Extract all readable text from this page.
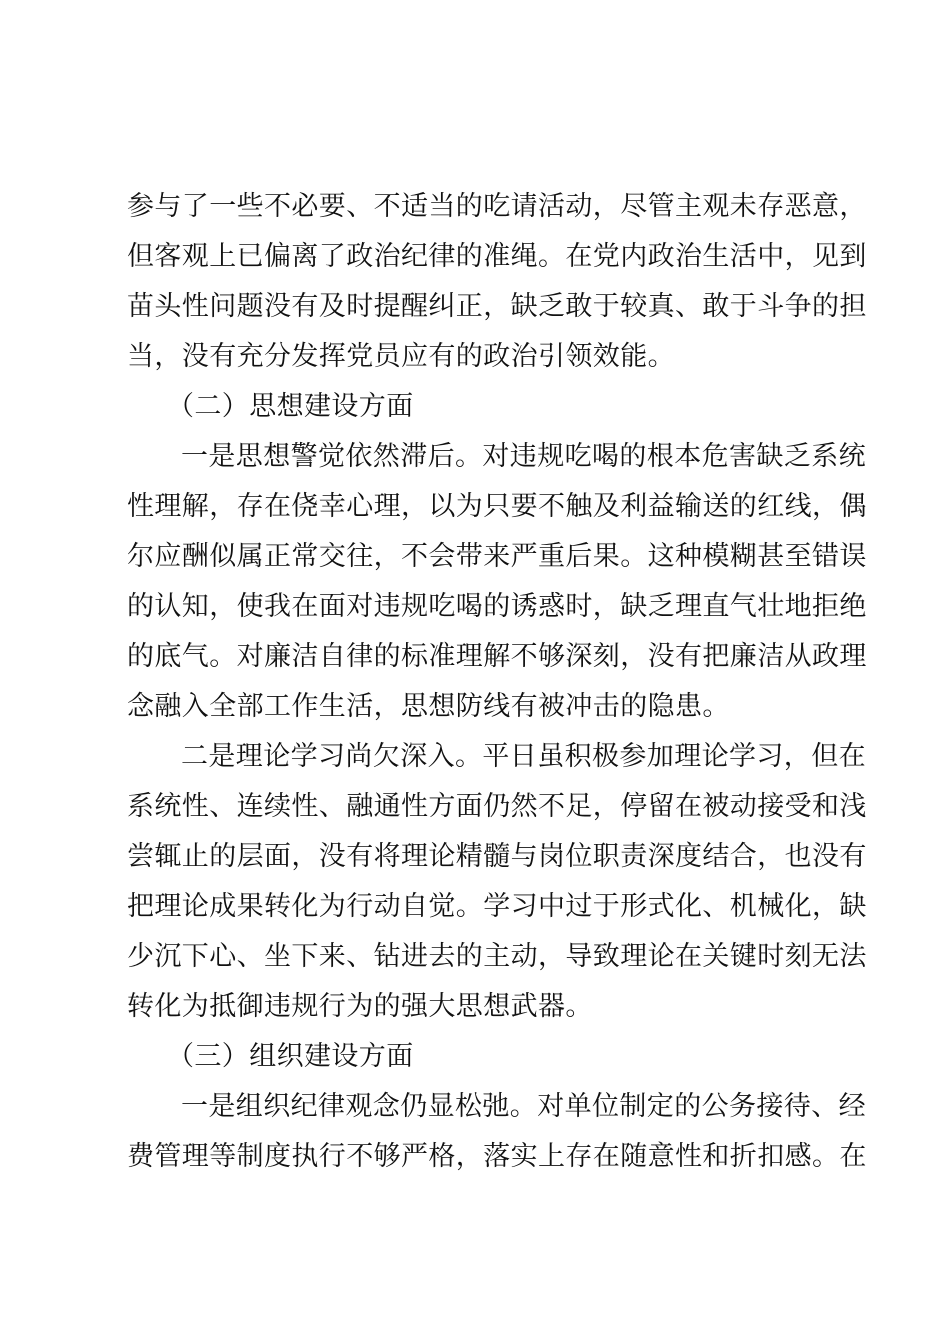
参与了一些不必要、不适当的吃请活动，尽管主观未存恶意，
但客观上已偏离了政治纪律的准绳。在党内政治生活中，见到
苗头性问题没有及时提醒纠正，缺乏敢于较真、敢于斗争的担
当，没有充分发挥党员应有的政治引领效能。

（二）思想建设方面

一是思想警觉依然滞后。对违规吃喝的根本危害缺乏系统
性理解，存在侥幸心理，以为只要不触及利益输送的红线，偶
尔应酬似属正常交往，不会带来严重后果。这种模糊甚至错误
的认知，使我在面对违规吃喝的诱惑时，缺乏理直气壮地拒绝
的底气。对廉洁自律的标准理解不够深刻，没有把廉洁从政理
念融入全部工作生活，思想防线有被冲击的隐患。

二是理论学习尚欠深入。平日虽积极参加理论学习，但在
系统性、连续性、融通性方面仍然不足，停留在被动接受和浅
尝辄止的层面，没有将理论精髓与岗位职责深度结合，也没有
把理论成果转化为行动自觉。学习中过于形式化、机械化，缺
少沉下心、坐下来、钻进去的主动，导致理论在关键时刻无法
转化为抵御违规行为的强大思想武器。

（三）组织建设方面

一是组织纪律观念仍显松弛。对单位制定的公务接待、经
费管理等制度执行不够严格，落实上存在随意性和折扣感。在
